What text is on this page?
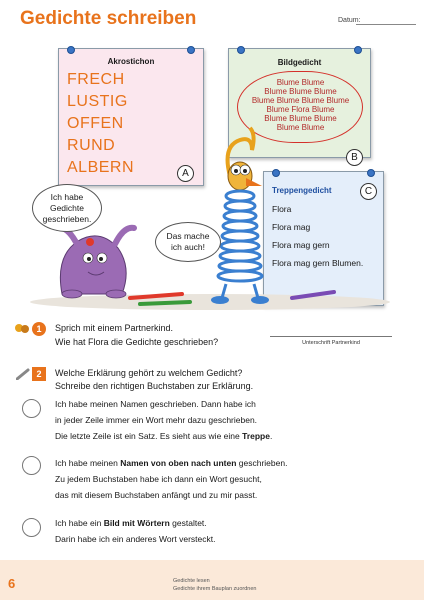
Gedichte schreiben	Datum:
Akrostichon
FRECH
LUSTIG
OFFEN
RUND
ALBERN	A
Bildgedicht
Blume Blume
Blume Blume Blume
Blume Blume Blume Blume
Blume Flora Blume
Blume Blume Blume
Blume Blume
B
Treppengedicht	C
Flora
Flora mag
Flora mag gern
Flora mag gern Blumen.
Ich habe
Gedichte
geschrieben.
Das mache
ich auch!
1	Sprich mit einem Partnerkind.
Wie hat Flora die Gedichte geschrieben?	Unterschrift Partnerkind
2	Welche Erklärung gehört zu welchem Gedicht?
Schreibe den richtigen Buchstaben zur Erklärung.
Ich habe meinen Namen geschrieben. Dann habe ich
in jeder Zeile immer ein Wort mehr dazu geschrieben.
Die letzte Zeile ist ein Satz. Es sieht aus wie eine Treppe.
Ich habe meinen Namen von oben nach unten geschrieben.
Zu jedem Buchstaben habe ich dann ein Wort gesucht,
das mit diesem Buchstaben anfängt und zu mir passt.
Ich habe ein Bild mit Wörtern gestaltet.
Darin habe ich ein anderes Wort versteckt.
6	Gedichte lesen
Gedichte ihrem Bauplan zuordnen
